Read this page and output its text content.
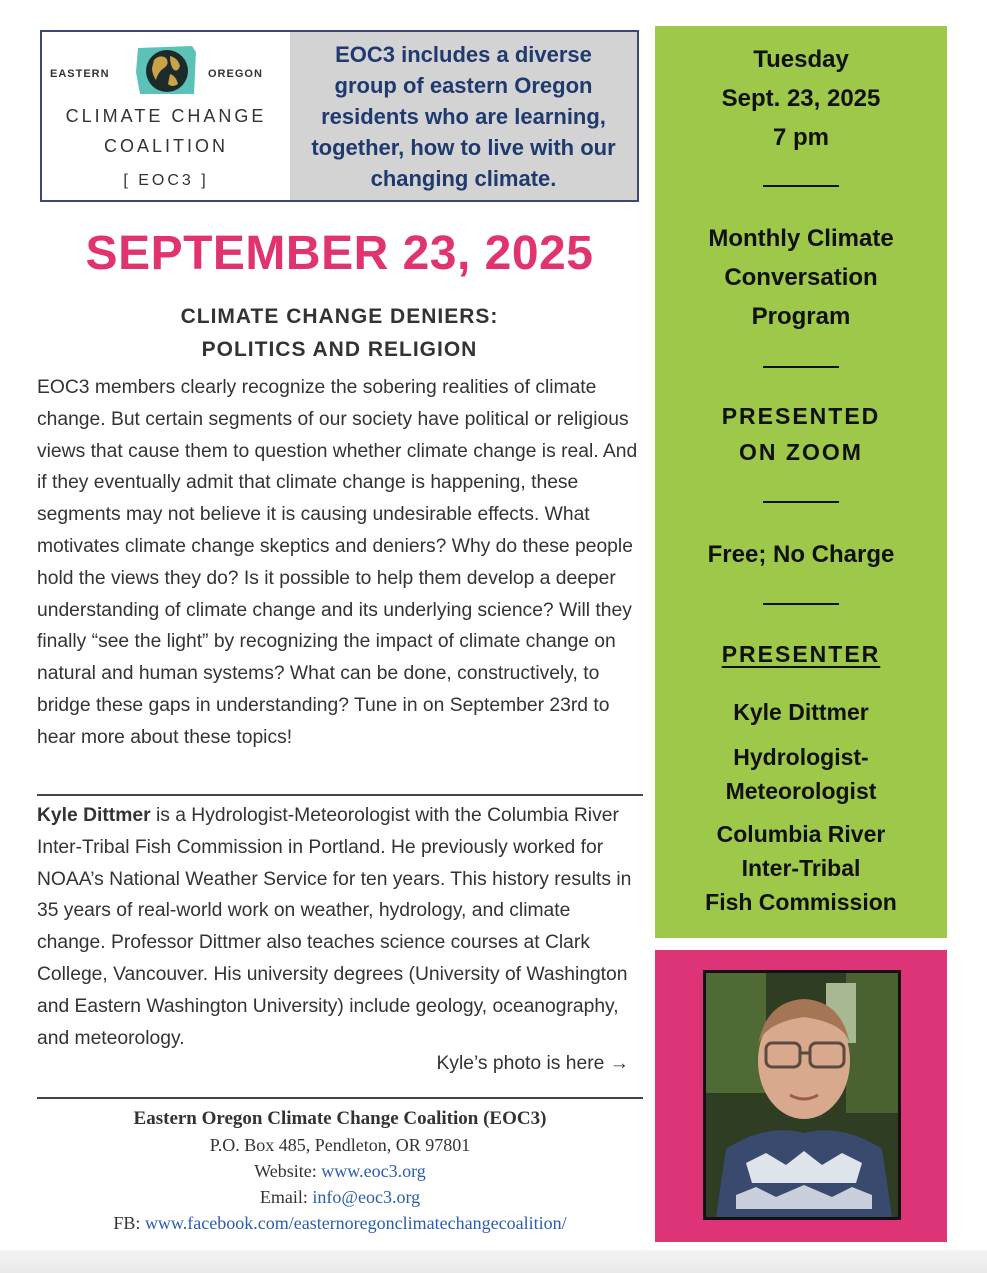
EASTERN	OREGON
CLIMATE CHANGE
COALITION
[ EOC3 ]
EOC3 includes a diverse group of eastern Oregon residents who are learning, together, how to live with our changing climate.
SEPTEMBER 23, 2025
CLIMATE CHANGE DENIERS:
POLITICS AND RELIGION
EOC3 members clearly recognize the sobering realities of climate change. But certain segments of our society have political or religious views that cause them to question whether climate change is real. And if they eventually admit that climate change is happening, these segments may not believe it is causing undesirable effects. What motivates climate change skeptics and deniers? Why do these people hold the views they do? Is it possible to help them develop a deeper understanding of climate change and its underlying science? Will they finally “see the light” by recognizing the impact of climate change on natural and human systems? What can be done, constructively, to bridge these gaps in understanding? Tune in on September 23rd to hear more about these topics!
Kyle Dittmer is a Hydrologist-Meteorologist with the Columbia River Inter-Tribal Fish Commission in Portland. He previously worked for NOAA’s National Weather Service for ten years. This history results in 35 years of real-world work on weather, hydrology, and climate change. Professor Dittmer also teaches science courses at Clark College, Vancouver. His university degrees (University of Washington and Eastern Washington University) include geology, oceanography, and meteorology.
Kyle’s photo is here →
Eastern Oregon Climate Change Coalition (EOC3)
P.O. Box 485, Pendleton, OR 97801
Website: www.eoc3.org
Email: info@eoc3.org
FB: www.facebook.com/easternoregonclimatechangecoalition/
Tuesday
Sept. 23, 2025
7 pm
Monthly Climate
Conversation
Program
PRESENTED
ON ZOOM
Free; No Charge
PRESENTER
Kyle Dittmer
Hydrologist-
Meteorologist
Columbia River
Inter-Tribal
Fish Commission
